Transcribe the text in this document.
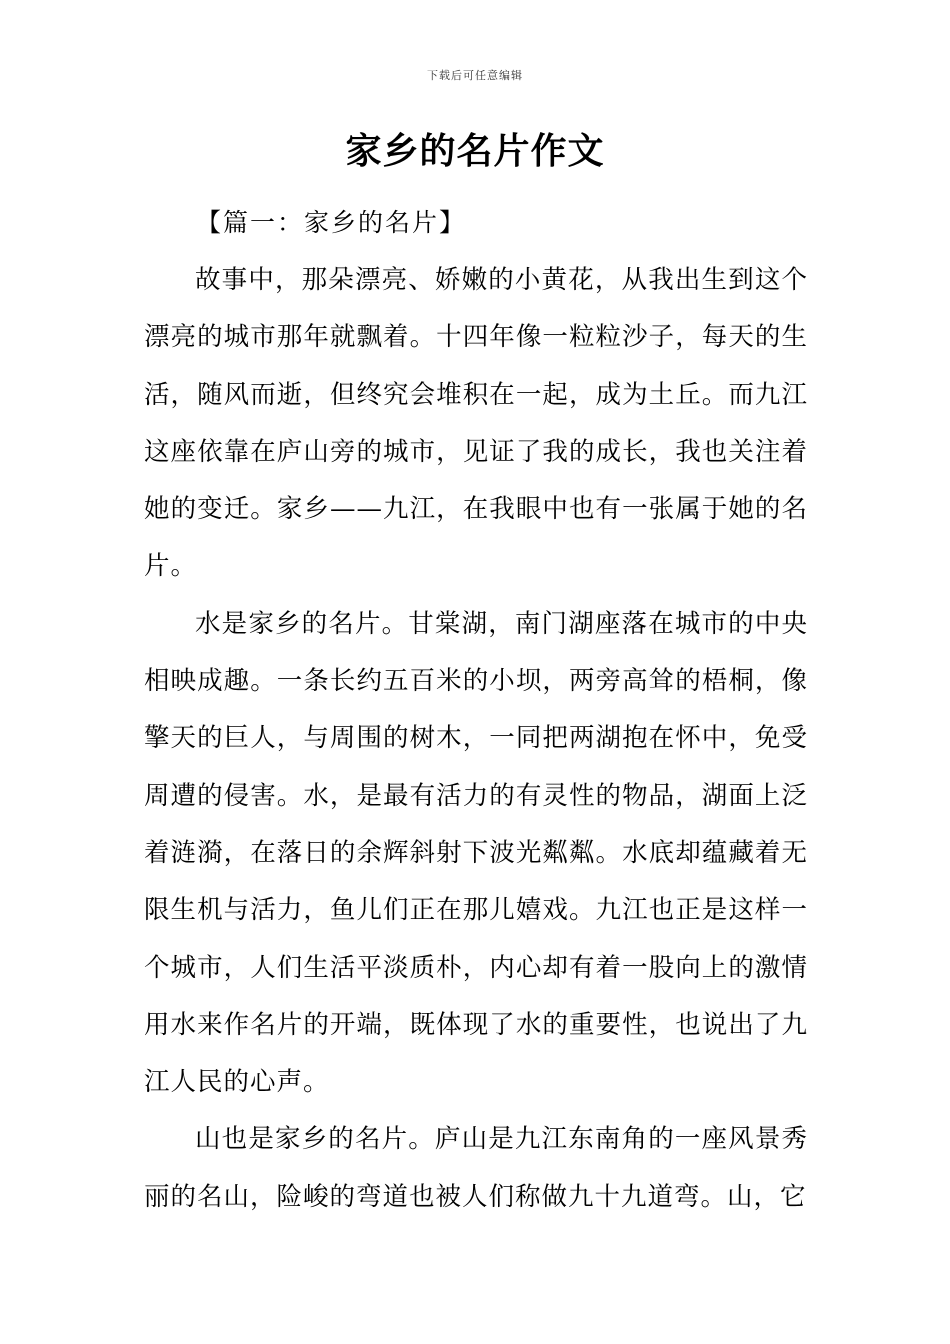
下载后可任意编辑
家乡的名片作文
【篇一：家乡的名片】

故事中，那朵漂亮、娇嫩的小黄花，从我出生到这个漂亮的城市那年就飘着。十四年像一粒粒沙子，每天的生活，随风而逝，但终究会堆积在一起，成为土丘。而九江这座依靠在庐山旁的城市，见证了我的成长，我也关注着她的变迁。家乡——九江，在我眼中也有一张属于她的名片。

水是家乡的名片。甘棠湖，南门湖座落在城市的中央相映成趣。一条长约五百米的小坝，两旁高耸的梧桐，像擎天的巨人，与周围的树木，一同把两湖抱在怀中，免受周遭的侵害。水，是最有活力的有灵性的物品，湖面上泛着涟漪，在落日的余辉斜射下波光粼粼。水底却蕴藏着无限生机与活力，鱼儿们正在那儿嬉戏。九江也正是这样一个城市，人们生活平淡质朴，内心却有着一股向上的激情用水来作名片的开端，既体现了水的重要性，也说出了九江人民的心声。

山也是家乡的名片。庐山是九江东南角的一座风景秀丽的名山，险峻的弯道也被人们称做九十九道弯。山，它
